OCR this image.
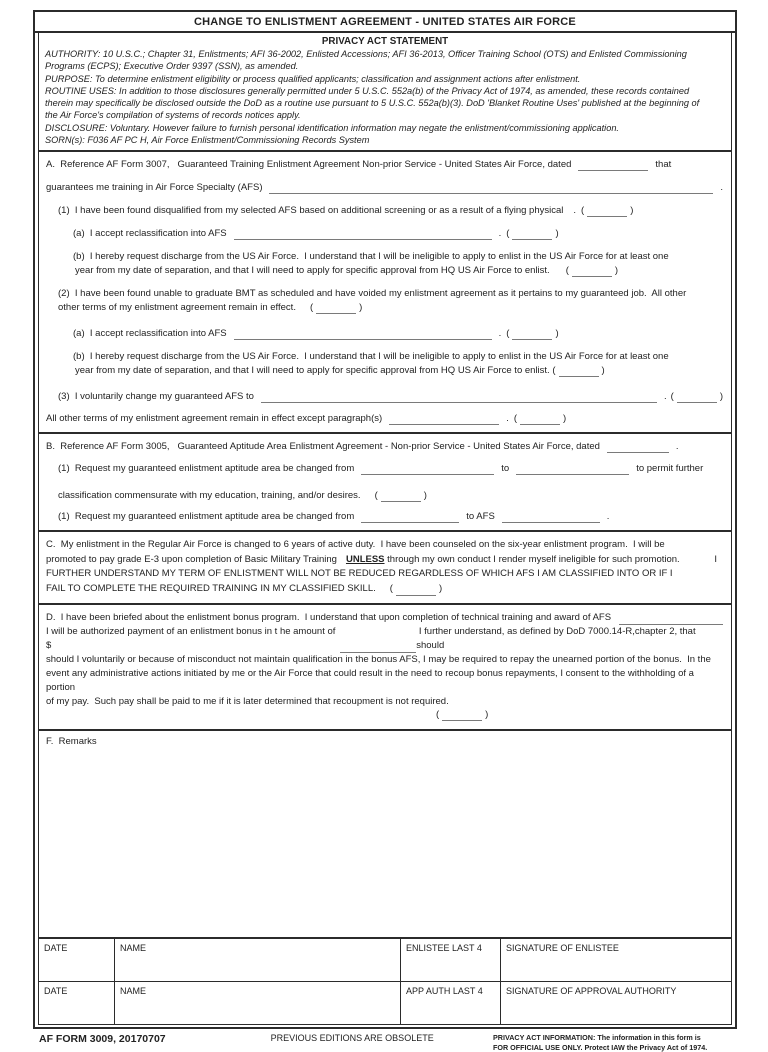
CHANGE TO ENLISTMENT AGREEMENT - UNITED STATES AIR FORCE
PRIVACY ACT STATEMENT
AUTHORITY: 10 U.S.C.; Chapter 31, Enlistments; AFI 36-2002, Enlisted Accessions; AFI 36-2013, Officer Training School (OTS) and Enlisted Commissioning
Programs (ECPS); Executive Order 9397 (SSN), as amended.
PURPOSE: To determine enlistment eligibility or process qualified applicants; classification and assignment actions after enlistment.
ROUTINE USES: In addition to those disclosures generally permitted under 5 U.S.C. 552a(b) of the Privacy Act of 1974, as amended, these records contained
therein may specifically be disclosed outside the DoD as a routine use pursuant to 5 U.S.C. 552a(b)(3). DoD 'Blanket Routine Uses' published at the beginning of
the Air Force's compilation of systems of records notices apply.
DISCLOSURE: Voluntary. However failure to furnish personal identification information may negate the enlistment/commissioning application.
SORN(s): F036 AF PC H, Air Force Enlistment/Commissioning Records System
A.  Reference AF Form 3007,   Guaranteed Training Enlistment Agreement Non-prior Service - United States Air Force, dated	that
guarantees me training in Air Force Specialty (AFS)	.
(1)  I have been found disqualified from my selected AFS based on additional screening or as a result of a flying physical . (	)
(a)  I accept reclassification into AFS	. (	)
(b)  I hereby request discharge from the US Air Force.  I understand that I will be ineligible to apply to enlist in the US Air Force for at least one
year from my date of separation, and that I will need to apply for specific approval from HQ US Air Force to enlist. (	)
(2)  I have been found unable to graduate BMT as scheduled and have voided my enlistment agreement as it pertains to my guaranteed job.  All other
other terms of my enlistment agreement remain in effect. (	)
(a)  I accept reclassification into AFS	. (	)
(b)  I hereby request discharge from the US Air Force.  I understand that I will be ineligible to apply to enlist in the US Air Force for at least one
year from my date of separation, and that I will need to apply for specific approval from HQ US Air Force to enlist. (	)
(3)  I voluntarily change my guaranteed AFS to	. (	)
All other terms of my enlistment agreement remain in effect except paragraph(s)	. (	)
B.  Reference AF Form 3005,   Guaranteed Aptitude Area Enlistment Agreement - Non-prior Service - United States Air Force, dated	.
(1)  Request my guaranteed enlistment aptitude area be changed from	to	to permit further
classification commensurate with my education, training, and/or desires. (	)
(1)  Request my guaranteed enlistment aptitude area be changed from	to AFS	.
C.  My enlistment in the Regular Air Force is changed to 6 years of active duty.  I have been counseled on the six-year enlistment program.  I will be
promoted to pay grade E-3 upon completion of Basic Military Training UNLESS through my own conduct I render myself ineligible for such promotion.	I
FURTHER UNDERSTAND MY TERM OF ENLISTMENT WILL NOT BE REDUCED REGARDLESS OF WHICH AFS I AM CLASSIFIED INTO OR IF I
FAIL TO COMPLETE THE REQUIRED TRAINING IN MY CLASSIFIED SKILL. (	)
D.  I have been briefed about the enlistment bonus program.  I understand that upon completion of technical training and award of AFS
I will be authorized payment of an enlistment bonus in t he amount of $
I further understand, as defined by DoD 7000.14-R,chapter 2, that should
should I voluntarily or because of misconduct not maintain qualification in the bonus AFS, I may be required to repay the unearned portion of the bonus.  In the
event any administrative actions initiated by me or the Air Force that could result in the need to recoup bonus repayments, I consent to the withholding of a portion
of my pay.  Such pay shall be paid to me if it is later determined that recoupment is not required.
(	)
F.  Remarks
DATE	NAME	ENLISTEE LAST 4	SIGNATURE OF ENLISTEE
DATE	NAME	APP AUTH LAST 4	SIGNATURE OF APPROVAL AUTHORITY
AF FORM 3009, 20170707	PREVIOUS EDITIONS ARE OBSOLETE	PRIVACY ACT INFORMATION: The information in this form is
FOR OFFICIAL USE ONLY. Protect IAW the Privacy Act of 1974.
